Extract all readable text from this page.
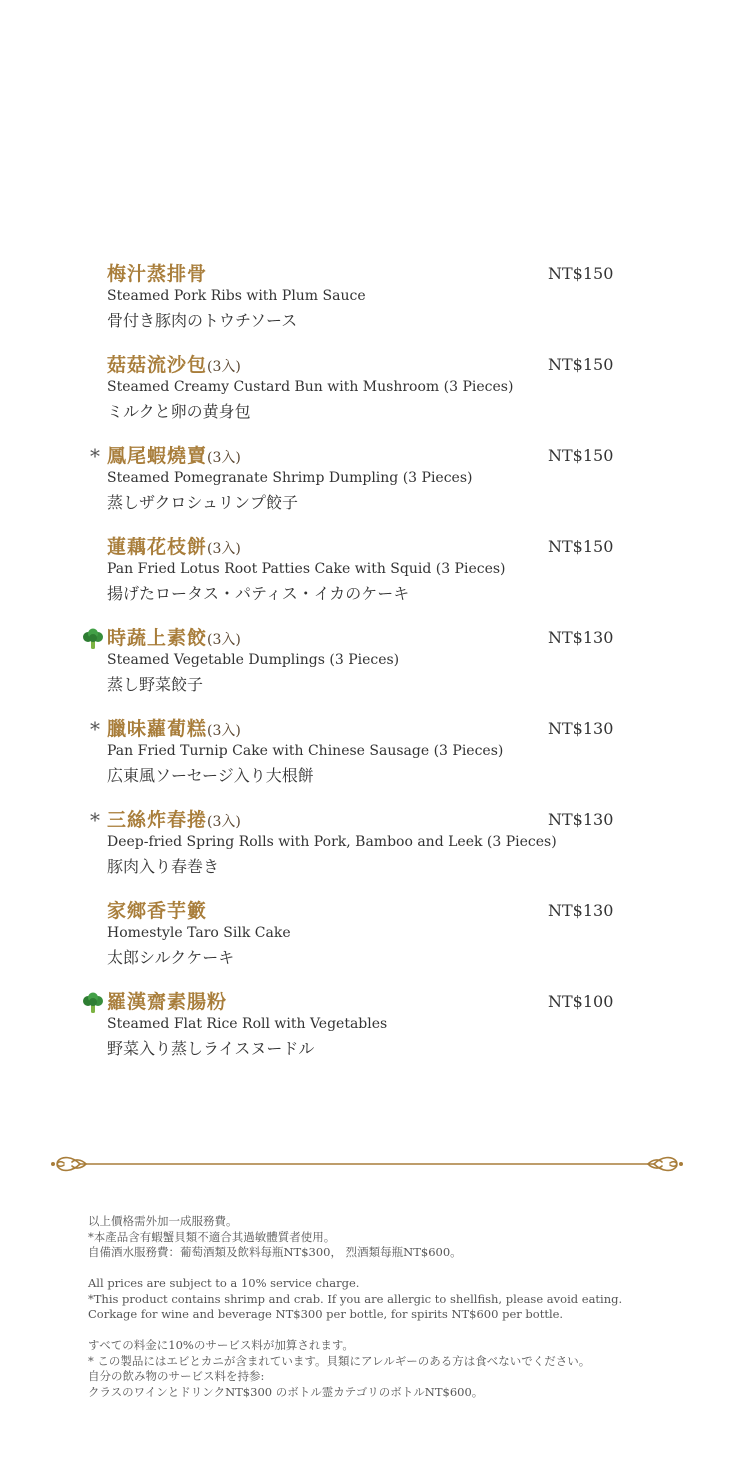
梅汁蒸排骨	NT$150
Steamed Pork Ribs with Plum Sauce
骨付き豚肉のトウチソース
菇菇流沙包(3入)	NT$150
Steamed Creamy Custard Bun with Mushroom (3 Pieces)
ミルクと卵の黄身包
* 鳳尾蝦燒賣(3入)	NT$150
Steamed Pomegranate Shrimp Dumpling (3 Pieces)
蒸しザクロシュリンプ餃子
蓮藕花枝餅(3入)	NT$150
Pan Fried Lotus Root Patties Cake with Squid (3 Pieces)
揚げたロータス・パティス・イカのケーキ
時蔬上素餃(3入)	NT$130
Steamed Vegetable Dumplings (3 Pieces)
蒸し野菜餃子
* 臘味蘿蔔糕(3入)	NT$130
Pan Fried Turnip Cake with Chinese Sausage (3 Pieces)
広東風ソーセージ入り大根餅
* 三絲炸春捲(3入)	NT$130
Deep-fried Spring Rolls with Pork, Bamboo and Leek (3 Pieces)
豚肉入り春巻き
家鄉香芋籔	NT$130
Homestyle Taro Silk Cake
太郎シルクケーキ
羅漢齋素腸粉	NT$100
Steamed Flat Rice Roll with Vegetables
野菜入り蒸しライスヌードル
以上價格需外加一成服務費。
*本產品含有蝦蟹貝類不適合其過敏體質者使用。
自備酒水服務費：葡萄酒類及飲料每瓶NT$300， 烈酒類每瓶NT$600。
All prices are subject to a 10% service charge.
*This product contains shrimp and crab. If you are allergic to shellfish, please avoid eating.
Corkage for wine and beverage NT$300 per bottle, for spirits NT$600 per bottle.
すべての料金に10%のサービス料が加算されます。
* この製品にはエビとカニが含まれています。貝類にアレルギーのある方は食べないでください。
自分の飲み物のサービス料を持参:
クラスのワインとドリンクNT$300 のボトル霊カテゴリのボトルNT$600。
